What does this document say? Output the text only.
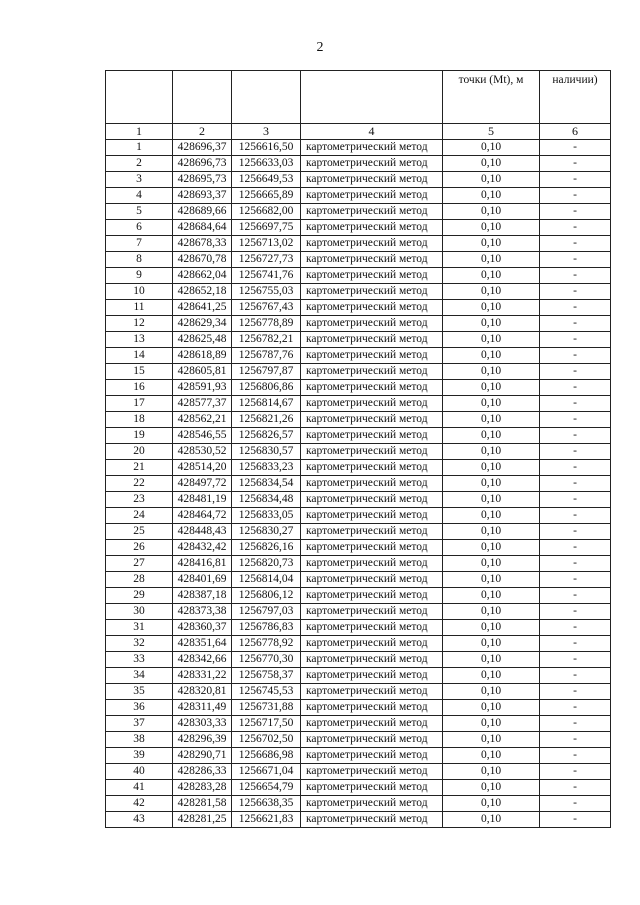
2
				точки (Mt), м	наличии)
1	2	3	4	5	6
1	428696,37	1256616,50	картометрический метод	0,10	-
2	428696,73	1256633,03	картометрический метод	0,10	-
3	428695,73	1256649,53	картометрический метод	0,10	-
4	428693,37	1256665,89	картометрический метод	0,10	-
5	428689,66	1256682,00	картометрический метод	0,10	-
6	428684,64	1256697,75	картометрический метод	0,10	-
7	428678,33	1256713,02	картометрический метод	0,10	-
8	428670,78	1256727,73	картометрический метод	0,10	-
9	428662,04	1256741,76	картометрический метод	0,10	-
10	428652,18	1256755,03	картометрический метод	0,10	-
11	428641,25	1256767,43	картометрический метод	0,10	-
12	428629,34	1256778,89	картометрический метод	0,10	-
13	428625,48	1256782,21	картометрический метод	0,10	-
14	428618,89	1256787,76	картометрический метод	0,10	-
15	428605,81	1256797,87	картометрический метод	0,10	-
16	428591,93	1256806,86	картометрический метод	0,10	-
17	428577,37	1256814,67	картометрический метод	0,10	-
18	428562,21	1256821,26	картометрический метод	0,10	-
19	428546,55	1256826,57	картометрический метод	0,10	-
20	428530,52	1256830,57	картометрический метод	0,10	-
21	428514,20	1256833,23	картометрический метод	0,10	-
22	428497,72	1256834,54	картометрический метод	0,10	-
23	428481,19	1256834,48	картометрический метод	0,10	-
24	428464,72	1256833,05	картометрический метод	0,10	-
25	428448,43	1256830,27	картометрический метод	0,10	-
26	428432,42	1256826,16	картометрический метод	0,10	-
27	428416,81	1256820,73	картометрический метод	0,10	-
28	428401,69	1256814,04	картометрический метод	0,10	-
29	428387,18	1256806,12	картометрический метод	0,10	-
30	428373,38	1256797,03	картометрический метод	0,10	-
31	428360,37	1256786,83	картометрический метод	0,10	-
32	428351,64	1256778,92	картометрический метод	0,10	-
33	428342,66	1256770,30	картометрический метод	0,10	-
34	428331,22	1256758,37	картометрический метод	0,10	-
35	428320,81	1256745,53	картометрический метод	0,10	-
36	428311,49	1256731,88	картометрический метод	0,10	-
37	428303,33	1256717,50	картометрический метод	0,10	-
38	428296,39	1256702,50	картометрический метод	0,10	-
39	428290,71	1256686,98	картометрический метод	0,10	-
40	428286,33	1256671,04	картометрический метод	0,10	-
41	428283,28	1256654,79	картометрический метод	0,10	-
42	428281,58	1256638,35	картометрический метод	0,10	-
43	428281,25	1256621,83	картометрический метод	0,10	-
